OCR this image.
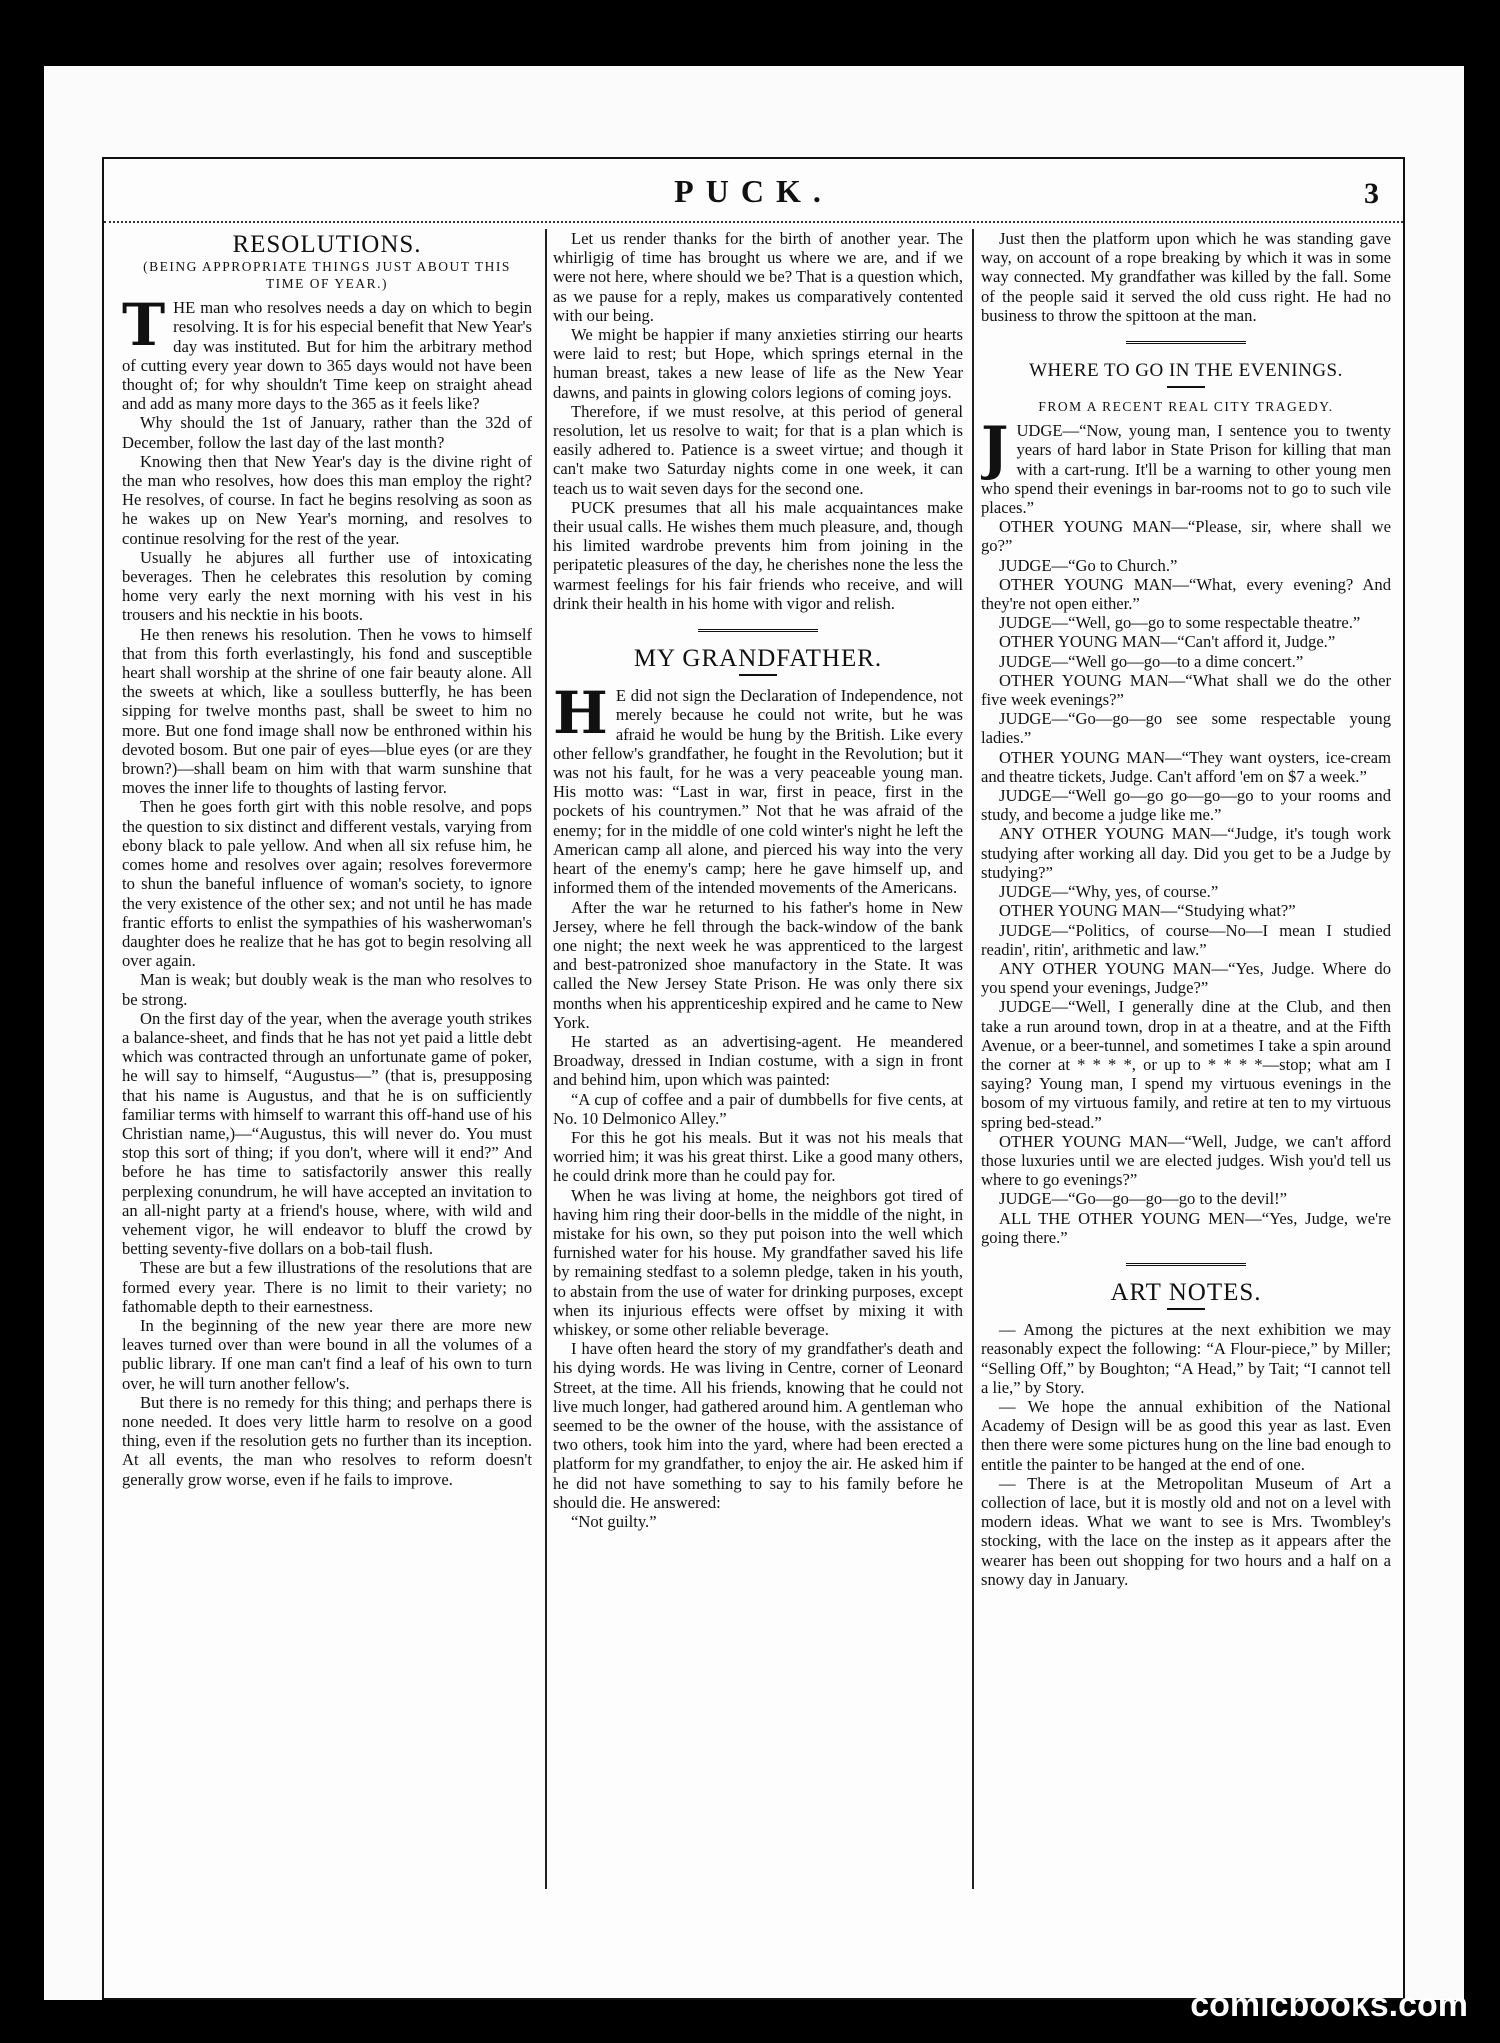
PUCK.	3
RESOLUTIONS.
(BEING APPROPRIATE THINGS JUST ABOUT THIS TIME OF YEAR.)

THE man who resolves needs a day on which to begin resolving. It is for his especial benefit that New Year's day was instituted. But for him the arbitrary method of cutting every year down to 365 days would not have been thought of; for why shouldn't Time keep on straight ahead and add as many more days to the 365 as it feels like?

Why should the 1st of January, rather than the 32d of December, follow the last day of the last month?

Knowing then that New Year's day is the divine right of the man who resolves, how does this man employ the right? He resolves, of course. In fact he begins resolving as soon as he wakes up on New Year's morning, and resolves to continue resolving for the rest of the year.

Usually he abjures all further use of intoxicating beverages. Then he celebrates this resolution by coming home very early the next morning with his vest in his trousers and his necktie in his boots.

He then renews his resolution. Then he vows to himself that from this forth everlastingly, his fond and susceptible heart shall worship at the shrine of one fair beauty alone. All the sweets at which, like a soulless butterfly, he has been sipping for twelve months past, shall be sweet to him no more. But one fond image shall now be enthroned within his devoted bosom. But one pair of eyes—blue eyes (or are they brown?)—shall beam on him with that warm sunshine that moves the inner life to thoughts of lasting fervor.

Then he goes forth girt with this noble resolve, and pops the question to six distinct and different vestals, varying from ebony black to pale yellow. And when all six refuse him, he comes home and resolves over again; resolves forevermore to shun the baneful influence of woman's society, to ignore the very existence of the other sex; and not until he has made frantic efforts to enlist the sympathies of his washerwoman's daughter does he realize that he has got to begin resolving all over again.

Man is weak; but doubly weak is the man who resolves to be strong.

On the first day of the year, when the average youth strikes a balance-sheet, and finds that he has not yet paid a little debt which was contracted through an unfortunate game of poker, he will say to himself, “Augustus—” (that is, presupposing that his name is Augustus, and that he is on sufficiently familiar terms with himself to warrant this off-hand use of his Christian name,)—“Augustus, this will never do. You must stop this sort of thing; if you don't, where will it end?” And before he has time to satisfactorily answer this really perplexing conundrum, he will have accepted an invitation to an all-night party at a friend's house, where, with wild and vehement vigor, he will endeavor to bluff the crowd by betting seventy-five dollars on a bob-tail flush.

These are but a few illustrations of the resolutions that are formed every year. There is no limit to their variety; no fathomable depth to their earnestness.

In the beginning of the new year there are more new leaves turned over than were bound in all the volumes of a public library. If one man can't find a leaf of his own to turn over, he will turn another fellow's.

But there is no remedy for this thing; and perhaps there is none needed. It does very little harm to resolve on a good thing, even if the resolution gets no further than its inception. At all events, the man who resolves to reform doesn't generally grow worse, even if he fails to improve.

Let us render thanks for the birth of another year. The whirligig of time has brought us where we are, and if we were not here, where should we be? That is a question which, as we pause for a reply, makes us comparatively contented with our being.

We might be happier if many anxieties stirring our hearts were laid to rest; but Hope, which springs eternal in the human breast, takes a new lease of life as the New Year dawns, and paints in glowing colors legions of coming joys.

Therefore, if we must resolve, at this period of general resolution, let us resolve to wait; for that is a plan which is easily adhered to. Patience is a sweet virtue; and though it can't make two Saturday nights come in one week, it can teach us to wait seven days for the second one.

PUCK presumes that all his male acquaintances make their usual calls. He wishes them much pleasure, and, though his limited wardrobe prevents him from joining in the peripatetic pleasures of the day, he cherishes none the less the warmest feelings for his fair friends who receive, and will drink their health in his home with vigor and relish.

MY GRANDFATHER.

H E did not sign the Declaration of Independence, not merely because he could not write, but he was afraid he would be hung by the British. Like every other fellow's grandfather, he fought in the Revolution; but it was not his fault, for he was a very peaceable young man. His motto was: “Last in war, first in peace, first in the pockets of his countrymen.” Not that he was afraid of the enemy; for in the middle of one cold winter's night he left the American camp all alone, and pierced his way into the very heart of the enemy's camp; here he gave himself up, and informed them of the intended movements of the Americans.

After the war he returned to his father's home in New Jersey, where he fell through the back-window of the bank one night; the next week he was apprenticed to the largest and best-patronized shoe manufactory in the State. It was called the New Jersey State Prison. He was only there six months when his apprenticeship expired and he came to New York.

He started as an advertising-agent. He meandered Broadway, dressed in Indian costume, with a sign in front and behind him, upon which was painted:

“A cup of coffee and a pair of dumbbells for five cents, at No. 10 Delmonico Alley.”

For this he got his meals. But it was not his meals that worried him; it was his great thirst. Like a good many others, he could drink more than he could pay for.

When he was living at home, the neighbors got tired of having him ring their door-bells in the middle of the night, in mistake for his own, so they put poison into the well which furnished water for his house. My grandfather saved his life by remaining stedfast to a solemn pledge, taken in his youth, to abstain from the use of water for drinking purposes, except when its injurious effects were offset by mixing it with whiskey, or some other reliable beverage.

I have often heard the story of my grandfather's death and his dying words. He was living in Centre, corner of Leonard Street, at the time. All his friends, knowing that he could not live much longer, had gathered around him. A gentleman who seemed to be the owner of the house, with the assistance of two others, took him into the yard, where had been erected a platform for my grandfather, to enjoy the air. He asked him if he did not have something to say to his family before he should die. He answered:

“Not guilty.”

Just then the platform upon which he was standing gave way, on account of a rope breaking by which it was in some way connected. My grandfather was killed by the fall. Some of the people said it served the old cuss right. He had no business to throw the spittoon at the man.

WHERE TO GO IN THE EVENINGS.
FROM A RECENT REAL CITY TRAGEDY.

JUDGE—“Now, young man, I sentence you to twenty years of hard labor in State Prison for killing that man with a cart-rung. It'll be a warning to other young men who spend their evenings in bar-rooms not to go to such vile places.”

OTHER YOUNG MAN—“Please, sir, where shall we go?”

JUDGE—“Go to Church.”

OTHER YOUNG MAN—“What, every evening? And they're not open either.”

JUDGE—“Well, go—go to some respectable theatre.”

OTHER YOUNG MAN—“Can't afford it, Judge.”

JUDGE—“Well go—go—to a dime concert.”

OTHER YOUNG MAN—“What shall we do the other five week evenings?”

JUDGE—“Go—go—go see some respectable young ladies.”

OTHER YOUNG MAN—“They want oysters, ice-cream and theatre tickets, Judge. Can't afford 'em on $7 a week.”

JUDGE—“Well go—go go—go—go to your rooms and study, and become a judge like me.”

ANY OTHER YOUNG MAN—“Judge, it's tough work studying after working all day. Did you get to be a Judge by studying?”

JUDGE—“Why, yes, of course.”

OTHER YOUNG MAN—“Studying what?”

JUDGE—“Politics, of course—No—I mean I studied readin', ritin', arithmetic and law.”

ANY OTHER YOUNG MAN—“Yes, Judge. Where do you spend your evenings, Judge?”

JUDGE—“Well, I generally dine at the Club, and then take a run around town, drop in at a theatre, and at the Fifth Avenue, or a beer-tunnel, and sometimes I take a spin around the corner at * * * *, or up to * * * *—stop; what am I saying? Young man, I spend my virtuous evenings in the bosom of my virtuous family, and retire at ten to my virtuous spring bed-stead.”

OTHER YOUNG MAN—“Well, Judge, we can't afford those luxuries until we are elected judges. Wish you'd tell us where to go evenings?”

JUDGE—“Go—go—go—go to the devil!”

ALL THE OTHER YOUNG MEN—“Yes, Judge, we're going there.”

ART NOTES.

— Among the pictures at the next exhibition we may reasonably expect the following: “A Flour-piece,” by Miller; “Selling Off,” by Boughton; “A Head,” by Tait; “I cannot tell a lie,” by Story.

— We hope the annual exhibition of the National Academy of Design will be as good this year as last. Even then there were some pictures hung on the line bad enough to entitle the painter to be hanged at the end of one.

— There is at the Metropolitan Museum of Art a collection of lace, but it is mostly old and not on a level with modern ideas. What we want to see is Mrs. Twombley's stocking, with the lace on the instep as it appears after the wearer has been out shopping for two hours and a half on a snowy day in January.

comicbooks.com
